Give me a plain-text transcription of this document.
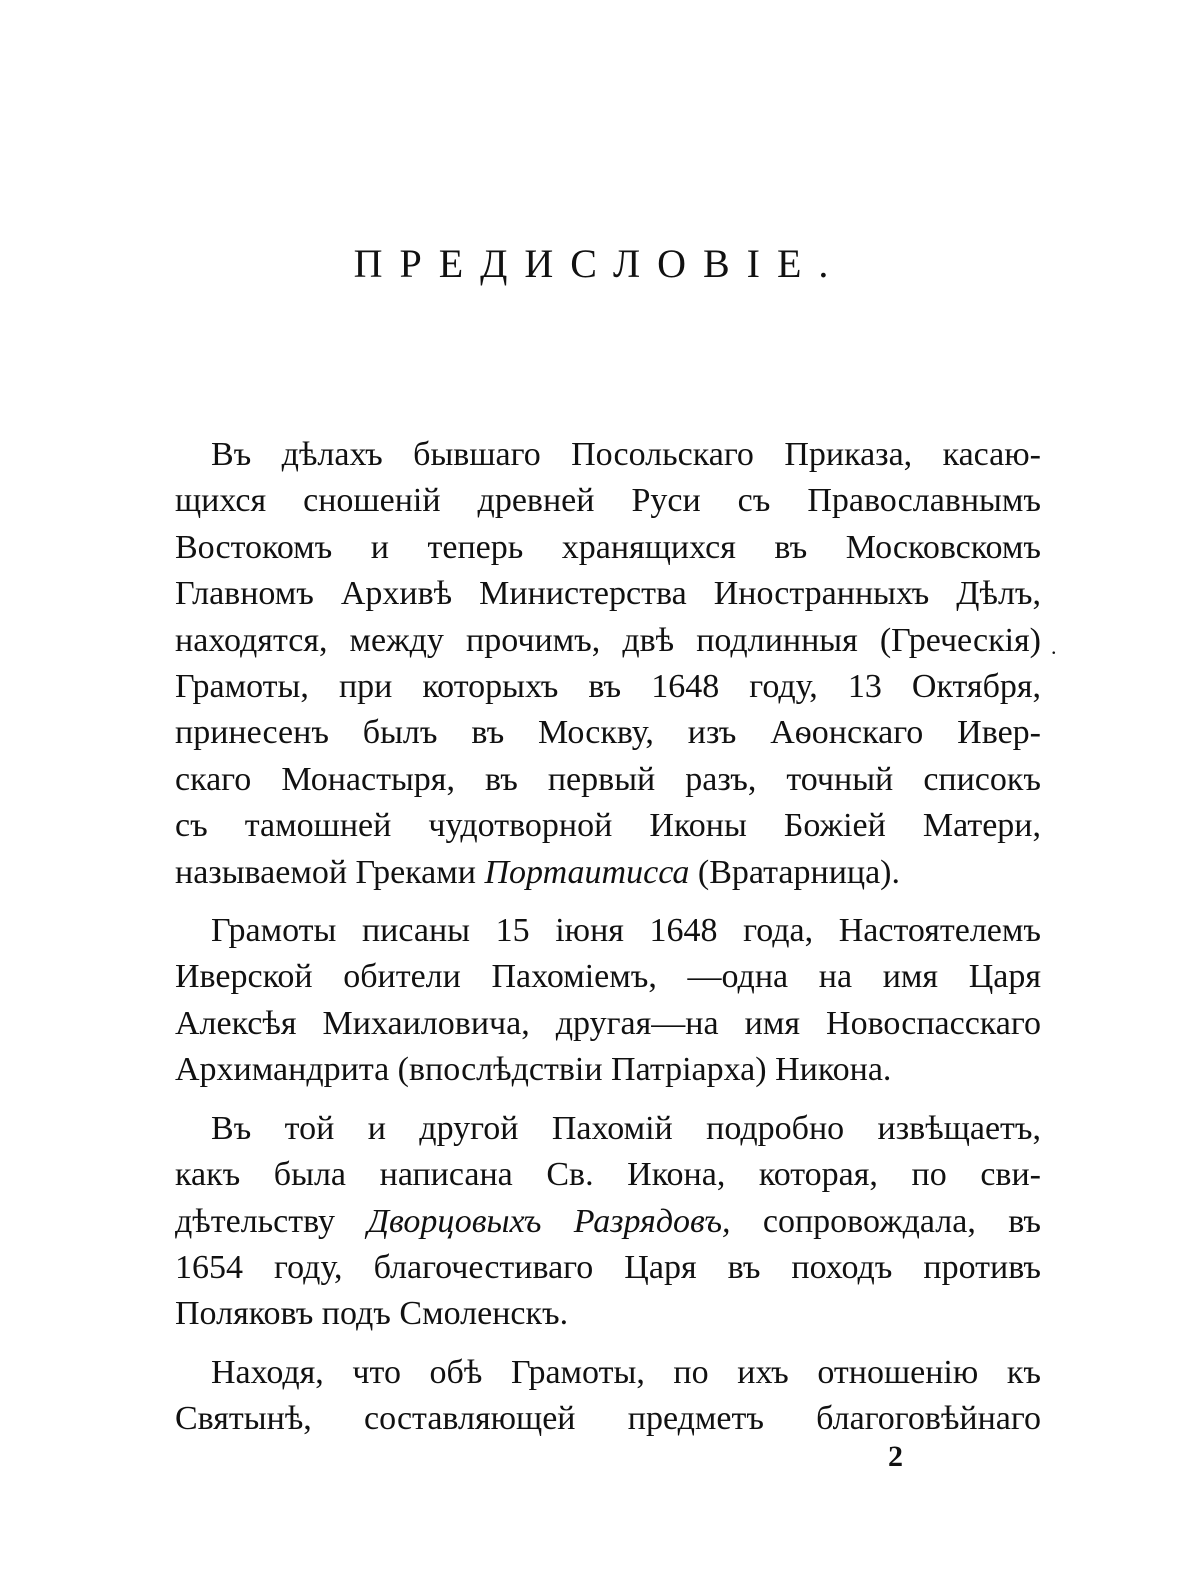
ПРЕДИСЛОВІЕ.
.
Въ дѣлахъ бывшаго Посольскаго Приказа, касаю-
щихся сношеній древней Руси съ Православнымъ
Востокомъ и теперь хранящихся въ Московскомъ
Главномъ Архивѣ Министерства Иностранныхъ Дѣлъ,
находятся, между прочимъ, двѣ подлинныя (Греческія)
Грамоты, при которыхъ въ 1648 году, 13 Октября,
принесенъ былъ въ Москву, изъ Аѳонскаго Ивер-
скаго Монастыря, въ первый разъ, точный списокъ
съ тамошней чудотворной Иконы Божіей Матери,
называемой Греками Портаитисса (Вратарница).
Грамоты писаны 15 іюня 1648 года, Настоятелемъ
Иверской обители Пахоміемъ, —одна на имя Царя
Алексѣя Михаиловича, другая—на имя Новоспасскаго
Архимандрита (впослѣдствіи Патріарха) Никона.
Въ той и другой Пахомій подробно извѣщаетъ,
какъ была написана Св. Икона, которая, по сви-
дѣтельству Дворцовыхъ Разрядовъ, сопровождала, въ
1654 году, благочестиваго Царя въ походъ противъ
Поляковъ подъ Смоленскъ.
Находя, что обѣ Грамоты, по ихъ отношенію къ
Святынѣ, составляющей предметъ благоговѣйнаго
2
